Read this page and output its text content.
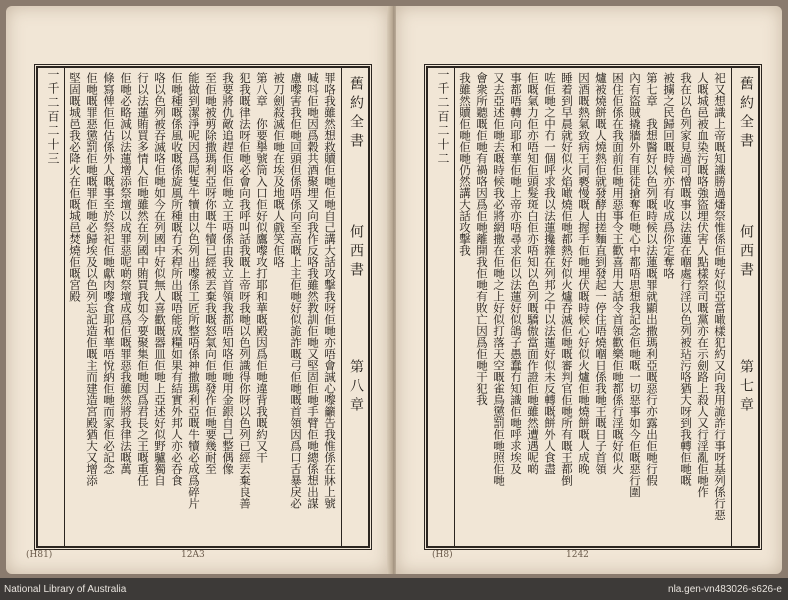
一千二百二十三	舊約全書  何西書  第八章
罪咯我雖然想救贖佢哋佢哋自己講大話攻擊我呀佢哋亦唔會誠心嚟籲告我惟係在牀上號
喊呌佢哋因爲穀共酒聚埋又向我作反咯我雖然教訓佢哋又堅固佢哋手臂佢哋總係想出謀
慮嚟害我佢哋回頭但係唔係向至高嘅上主佢哋好似詭詐嘅弓佢哋嘅首領因爲口舌暴戾必
被刀劍殺滅佢哋在埃及地嘅人戲笑佢咯
第八章　你要擧號筒入口佢好似鷹嚟攻打耶和華嘅殿因爲佢哋違背我嘅約又干
犯我嘅律法呀佢哋必會向我呼叫話我嘅上帝呀我哋以色列識得你呀以色列已經丟棄良善
我要將仇敵追趕佢咯佢哋立王唔係由我立首領我都唔知咯佢哋用金銀自己整偶像
至佢哋被剪除撒瑪利亞呀你嘅牛犢已經被丟棄我嘅怒氣向佢哋發作佢哋要幾耐至
能做到潔淨呢因爲呢隻牛犢由以色列出嚟係工匠所整唔係神撒瑪利亞嘅牛犢必成爲碎片
佢哋種嘅係風收嘅係旋風所種嘅冇禾稈所出嘅唔能成糧如果有結實外邦人亦必吞食
咯以色列被吞滅咯佢哋如今在列國中好似無人喜歡嘅器皿佢哋上亞述好似野驢獨自
行以法蓮賄買多情人佢哋雖然在列國中賄買我如今要聚集佢哋因爲君長之王嘅重任
佢哋必略減以法蓮增添祭壇以成罪惡呢啲祭壇成爲佢嘅罪惡我雖然將我律法嘅萬
條寫俾佢佢估係外人嘅事至於祭祀佢哋獻肉嚟食耶和華唔悅納佢哋而家佢必記念
佢哋嘅罪惡懲罰佢哋嘅罪佢哋必歸埃及以色列忘記造佢嘅主而建造宮殿猶大又增添
堅固嘅城邑我必降火在佢嘅城邑焚燒佢嘅宮殿
12A3
(H81)
一千二百二十二	舊約全書  何西書  第七章
祀又想識上帝嘅知識勝過燔祭惟係佢哋好似亞當噉樣犯約又向我用詭詐行事呀基列係行惡
人嘅城邑被血染污嘅咯強盜埋伏害人點樣祭司嘅黨亦在示劍路上殺人又行淫亂佢哋作
我在以色列家見過可憎嘅事以法蓮在嗰處行淫以色列被玷污咯猶大呀到我轉佢哋嘅
被擄之民歸回嘅時候亦有收成爲你定奪咯
第七章　我想醫好以色列嘅時候以法蓮嘅罪就顯出撒瑪利亞嘅惡行亦露出佢哋行假
內有盜賊撬牆外有匪徒搶奪佢哋心中都唔思想我記念佢哋嘅一切惡事如今佢嘅惡行圍
困住佢係在我面前佢哋用惡事令王歡喜用大話令首領歡樂佢哋都係行淫嘅好似火
爐被燒餅嘅人燒熱佢就發酵由搓麵直到發起一停住唔燒嗰日係我哋王嘅日子首領
因酒嘅熱氣致病王同褻慢嘅人握手佢哋埋伏嘅時候心好似火爐佢哋燒餅嘅人成晚
睡着到早晨就好似火焰噉燒佢哋都熱好似火爐吞滅佢哋嘅審判官佢哋所有嘅王都倒
咗佢哋之中冇一個呼求我以法蓮攙雜在列邦之中以法蓮好似未反轉嘅餅外人食盡
佢嘅氣力佢亦唔知佢頭髮斑白佢亦唔知以色列嘅驕傲當面作證佢哋雖然遭遇呢啲
事都唔轉向耶和華佢哋上帝亦唔尋求佢以法蓮好似鴿子愚蠢冇知識佢哋呼求埃及
又去亞述佢哋去嘅時候我必將網撒在佢哋之上好似打落天空嘅雀鳥懲罰佢哋照佢哋
會衆所聽嘅佢哋有禍咯因爲佢哋離開我佢哋有敗亡因爲佢哋干犯我
我雖然贖佢哋佢哋仍然講大話攻擊我
1242
(H8)
National Library of Australia	nla.gen-vn483026-s626-e
